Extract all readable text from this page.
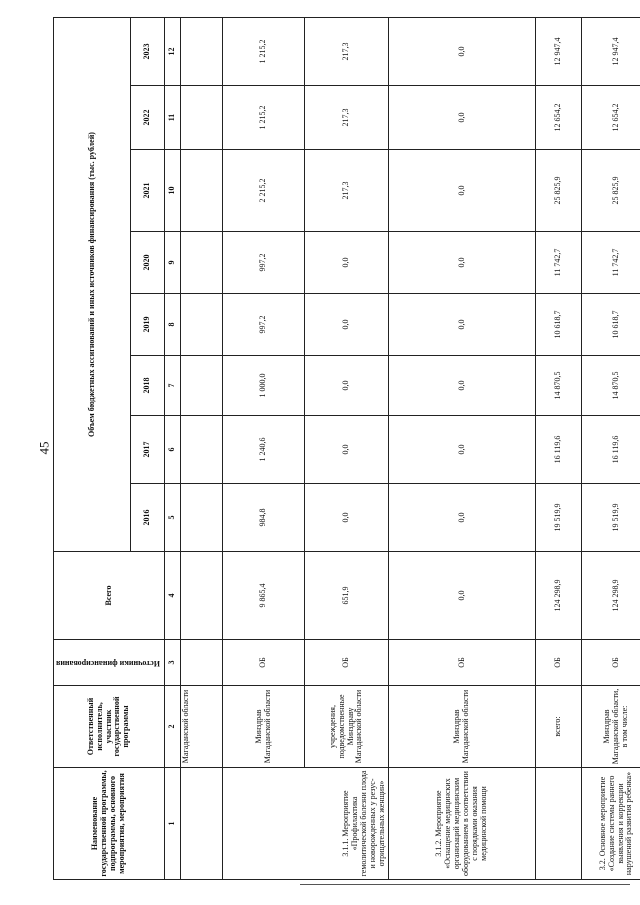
45
Наименование государственной программы, подпрограммы, основного мероприятия, мероприятия	Ответственный исполнитель, участник государственной программы	Источники финансирования	Всего	Объем бюджетных ассигнований и иных источников финансирования (тыс. рублей)							
				2016	2017	2018	2019	2020	2021	2022	2023
1	2	3	4	5	6	7	8	9	10	11	12
	Магаданской области										
3.1.1. Мероприятие «Профилактика гемолитической болезни плода и новорожденных у резус-отрицательных женщин»	Минздрав Магаданской области	ОБ	9 865,4	984,8	1 240,6	1 000,0	997,2	997,2	2 215,2	1 215,2	1 215,2
	учреждения, подведомственные Минздраву Магаданской области	ОБ	651,9	0,0	0,0	0,0	0,0	0,0	217,3	217,3	217,3
3.1.2. Мероприятие «Оснащение медицинских организаций медицинским оборудованием в соответствии с порядками оказания медицинской помощи	Минздрав Магаданской области	ОБ	0,0	0,0	0,0	0,0	0,0	0,0	0,0	0,0	0,0
	всего:	ОБ	124 298,9	19 519,9	16 119,6	14 870,5	10 618,7	11 742,7	25 825,9	12 654,2	12 947,4
3.2. Основное мероприятие «Создание системы раннего выявления и коррекции нарушений развития ребенка»	Минздрав Магаданской области, в том числе:	ОБ	124 298,9	19 519,9	16 119,6	14 870,5	10 618,7	11 742,7	25 825,9	12 654,2	12 947,4
